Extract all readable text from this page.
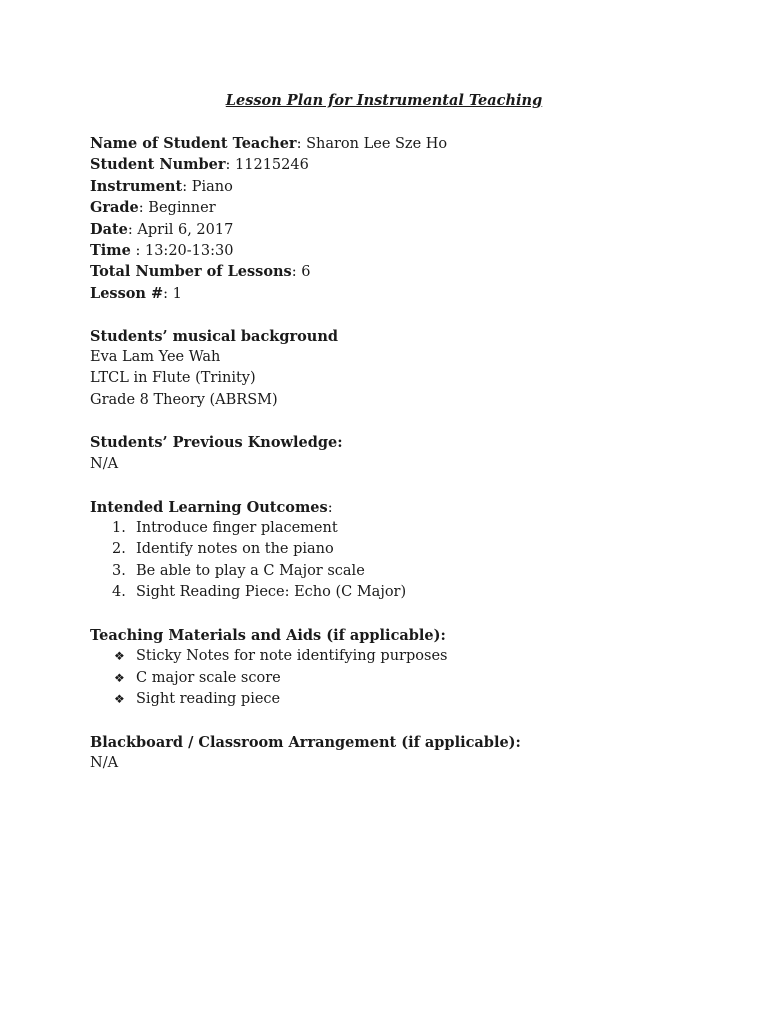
Lesson Plan for Instrumental Teaching
Name of Student Teacher: Sharon Lee Sze Ho
Student Number: 11215246
Instrument: Piano
Grade: Beginner
Date: April 6, 2017
Time : 13:20-13:30
Total Number of Lessons: 6
Lesson #: 1
Students’ musical background
Eva Lam Yee Wah
LTCL in Flute (Trinity)
Grade 8 Theory (ABRSM)
Students’ Previous Knowledge:
N/A
Intended Learning Outcomes:
1. Introduce finger placement
2. Identify notes on the piano
3. Be able to play a C Major scale
4. Sight Reading Piece: Echo (C Major)
Teaching Materials and Aids (if applicable):
❖ Sticky Notes for note identifying purposes
❖ C major scale score
❖ Sight reading piece
Blackboard / Classroom Arrangement (if applicable):
N/A
